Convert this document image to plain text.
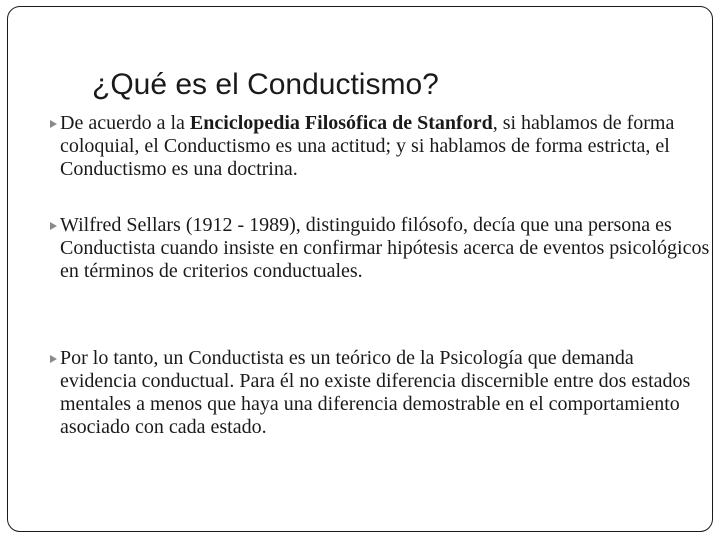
¿Qué es el Conductismo?
De acuerdo a la Enciclopedia Filosófica de Stanford, si hablamos de forma coloquial, el Conductismo es una actitud; y si hablamos de forma estricta, el Conductismo es una doctrina.
Wilfred Sellars (1912 - 1989), distinguido filósofo, decía que una persona es Conductista cuando insiste en confirmar hipótesis acerca de eventos psicológicos en términos de criterios conductuales.
Por lo tanto, un Conductista es un teórico de la Psicología que demanda evidencia conductual. Para él no existe diferencia discernible entre dos estados mentales a menos que haya una diferencia demostrable en el comportamiento asociado con cada estado.
